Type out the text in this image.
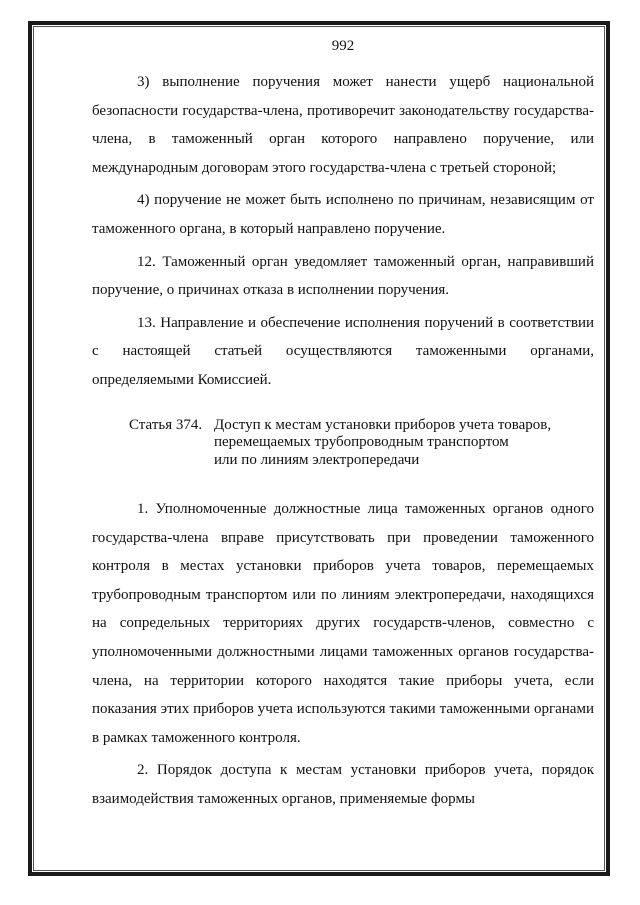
992

3) выполнение поручения может нанести ущерб национальной безопасности государства-члена, противоречит законодательству государства-члена, в таможенный орган которого направлено поручение, или международным договорам этого государства-члена с третьей стороной;

4) поручение не может быть исполнено по причинам, независящим от таможенного органа, в который направлено поручение.

12. Таможенный орган уведомляет таможенный орган, направивший поручение, о причинах отказа в исполнении поручения.

13. Направление и обеспечение исполнения поручений в соответствии с настоящей статьей осуществляются таможенными органами, определяемыми Комиссией.

Статья 374. Доступ к местам установки приборов учета товаров,
перемещаемых трубопроводным транспортом
или по линиям электропередачи

1. Уполномоченные должностные лица таможенных органов одного государства-члена вправе присутствовать при проведении таможенного контроля в местах установки приборов учета товаров, перемещаемых трубопроводным транспортом или по линиям электропередачи, находящихся на сопредельных территориях других государств-членов, совместно с уполномоченными должностными лицами таможенных органов государства-члена, на территории которого находятся такие приборы учета, если показания этих приборов учета используются такими таможенными органами в рамках таможенного контроля.

2. Порядок доступа к местам установки приборов учета, порядок взаимодействия таможенных органов, применяемые формы
